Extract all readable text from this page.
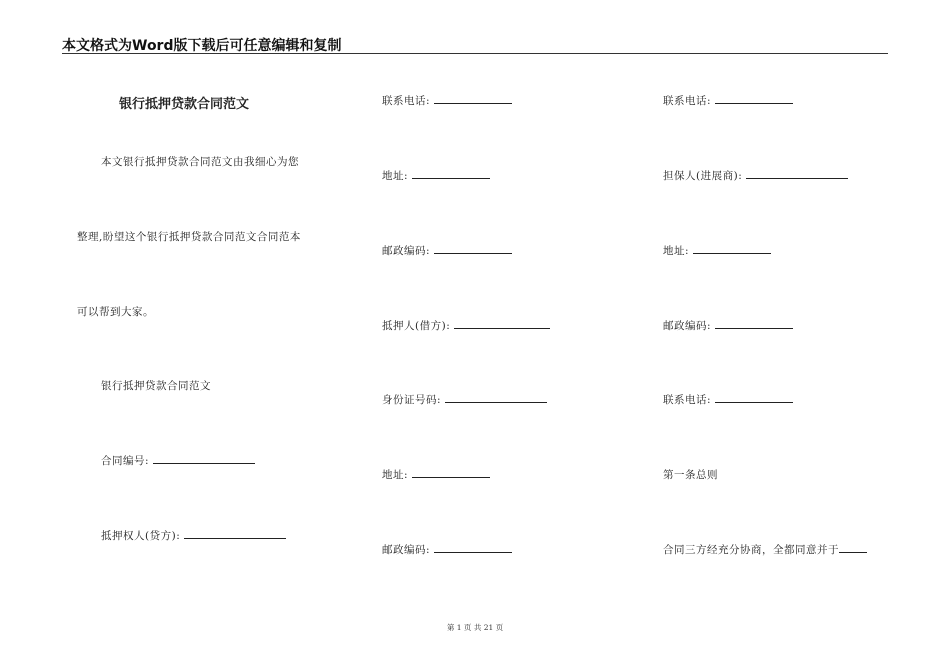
本文格式为Word版下载后可任意编辑和复制
银行抵押贷款合同范文
本文银行抵押贷款合同范文由我细心为您
整理,盼望这个银行抵押贷款合同范文合同范本
可以帮到大家。
银行抵押贷款合同范文
合同编号:
抵押权人(贷方):
联系电话:
地址:
邮政编码:
抵押人(借方):
身份证号码:
地址:
邮政编码:
联系电话:
担保人(进展商):
地址:
邮政编码:
联系电话:
第一条总则
合同三方经充分协商，全都同意并于
第 1 页 共 21 页
